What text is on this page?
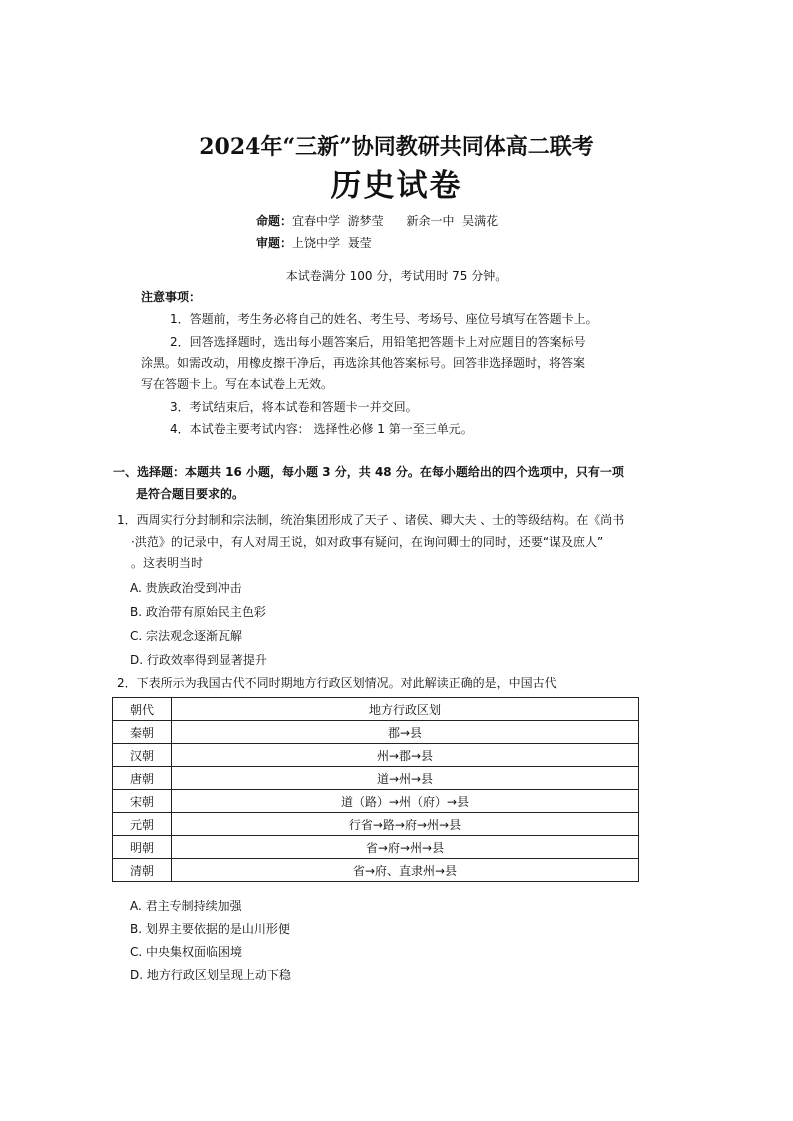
2024年“三新”协同教研共同体高二联考
历史试卷
命题：宜春中学  游梦莹      新余一中  吴满花
审题：上饶中学  聂莹
本试卷满分 100 分，考试用时 75 分钟。
注意事项：
1．答题前，考生务必将自己的姓名、考生号、考场号、座位号填写在答题卡上。
2．回答选择题时，选出每小题答案后，用铅笔把答题卡上对应题目的答案标号
涂黑。如需改动，用橡皮擦干净后，再选涂其他答案标号。回答非选择题时，将答案
写在答题卡上。写在本试卷上无效。
3．考试结束后，将本试卷和答题卡一并交回。
4．本试卷主要考试内容： 选择性必修 1 第一至三单元。
一、选择题：本题共 16 小题，每小题 3 分，共 48 分。在每小题给出的四个选项中，只有一项
是符合题目要求的。
1．西周实行分封制和宗法制，统治集团形成了天子 、诸侯、卿大夫 、士的等级结构。在《尚书
·洪范》的记录中，有人对周王说，如对政事有疑问，在询问卿士的同时，还要“谋及庶人”
。这表明当时
A. 贵族政治受到冲击
B. 政治带有原始民主色彩
C. 宗法观念逐渐瓦解
D. 行政效率得到显著提升
2．下表所示为我国古代不同时期地方行政区划情况。对此解读正确的是，中国古代
朝代	地方行政区划
秦朝	郡→县
汉朝	州→郡→县
唐朝	道→州→县
宋朝	道（路）→州（府）→县
元朝	行省→路→府→州→县
明朝	省→府→州→县
清朝	省→府、直隶州→县
A. 君主专制持续加强
B. 划界主要依据的是山川形便
C. 中央集权面临困境
D. 地方行政区划呈现上动下稳
